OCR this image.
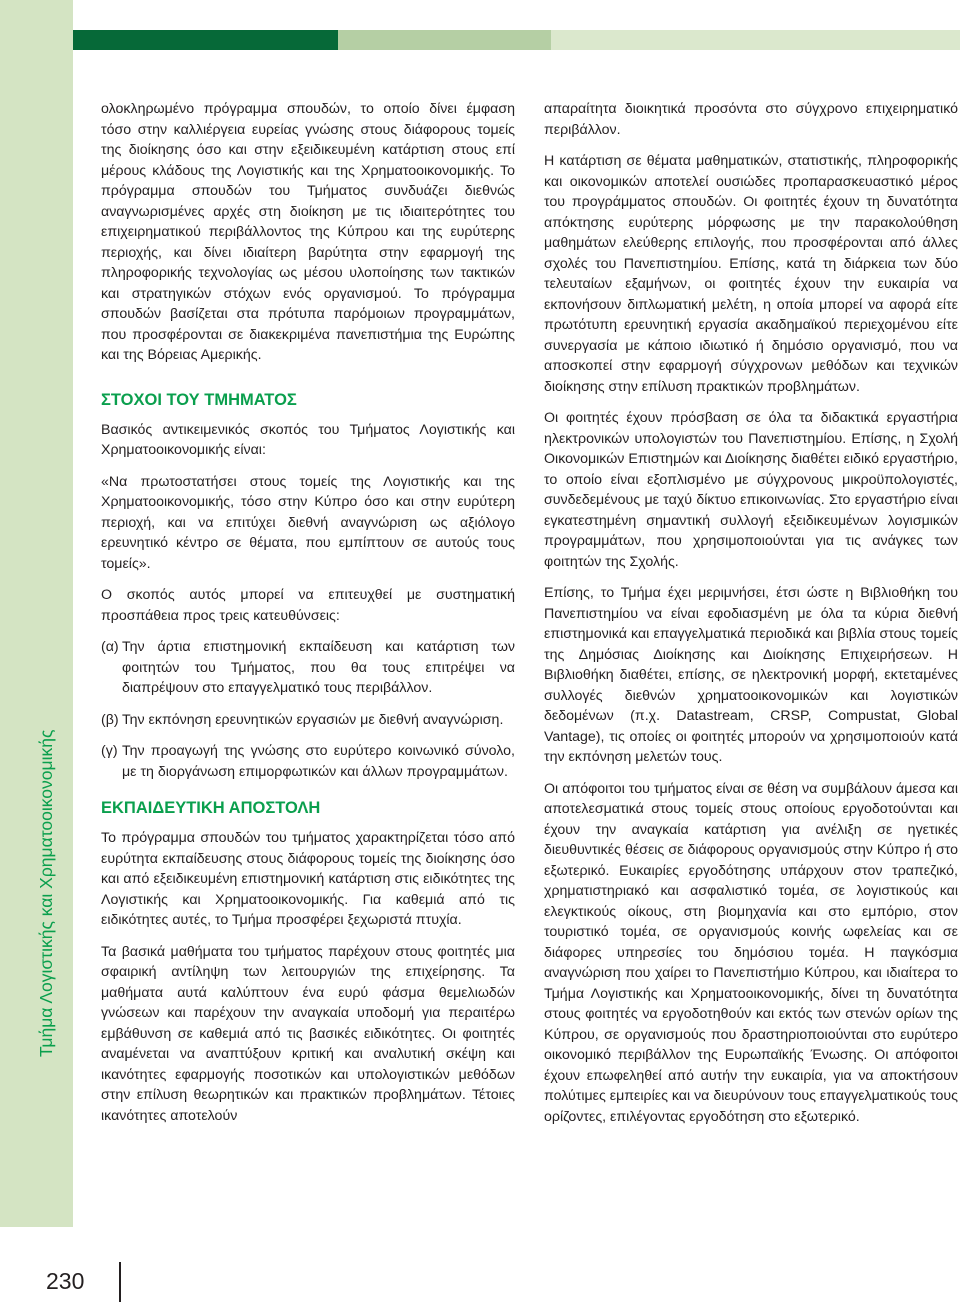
Τμήμα Λογιστικής και Χρηματοοικονομικής
230

ολοκληρωμένο πρόγραμμα σπουδών, το οποίο δίνει έμφαση τόσο στην καλλιέργεια ευρείας γνώσης στους διάφορους τομείς της διοίκησης όσο και στην εξειδικευμένη κατάρτιση στους επί μέρους κλάδους της Λογιστικής και της Χρηματοοικονομικής. Το πρόγραμμα σπουδών του Τμήματος συνδυάζει διεθνώς αναγνωρισμένες αρχές στη διοίκηση με τις ιδιαιτερότητες του επιχειρηματικού περιβάλλοντος της Κύπρου και της ευρύτερης περιοχής, και δίνει ιδιαίτερη βαρύτητα στην εφαρμογή της πληροφορικής τεχνολογίας ως μέσου υλοποίησης των τακτικών και στρατηγικών στόχων ενός οργανισμού. Το πρόγραμμα σπουδών βασίζεται στα πρότυπα παρόμοιων προγραμμάτων, που προσφέρονται σε διακεκριμένα πανεπιστήμια της Ευρώπης και της Βόρειας Αμερικής.

ΣΤΟΧΟΙ ΤΟΥ ΤΜΗΜΑΤΟΣ

Βασικός αντικειμενικός σκοπός του Τμήματος Λογιστικής και Χρηματοοικονομικής είναι:

«Να πρωτοστατήσει στους τομείς της Λογιστικής και της Χρηματοοικονομικής, τόσο στην Κύπρο όσο και στην ευρύτερη περιοχή, και να επιτύχει διεθνή αναγνώριση ως αξιόλογο ερευνητικό κέντρο σε θέματα, που εμπίπτουν σε αυτούς τους τομείς».

Ο σκοπός αυτός μπορεί να επιτευχθεί με συστηματική προσπάθεια προς τρεις κατευθύνσεις:

(α) Την άρτια επιστημονική εκπαίδευση και κατάρτιση των φοιτητών του Τμήματος, που θα τους επιτρέψει να διαπρέψουν στο επαγγελματικό τους περιβάλλον.
(β) Την εκπόνηση ερευνητικών εργασιών με διεθνή αναγνώριση.
(γ) Την προαγωγή της γνώσης στο ευρύτερο κοινωνικό σύνολο, με τη διοργάνωση επιμορφωτικών και άλλων προγραμμάτων.
ΕΚΠΑΙΔΕΥΤΙΚΗ ΑΠΟΣΤΟΛΗ

Το πρόγραμμα σπουδών του τμήματος χαρακτηρίζεται τόσο από ευρύτητα εκπαίδευσης στους διάφορους τομείς της διοίκησης όσο και από εξειδικευμένη επιστημονική κατάρτιση στις ειδικότητες της Λογιστικής και Χρηματοοικονομικής. Για καθεμιά από τις ειδικότητες αυτές, το Τμήμα προσφέρει ξεχωριστά πτυχία.

Τα βασικά μαθήματα του τμήματος παρέχουν στους φοιτητές μια σφαιρική αντίληψη των λειτουργιών της επιχείρησης. Τα μαθήματα αυτά καλύπτουν ένα ευρύ φάσμα θεμελιωδών γνώσεων και παρέχουν την αναγκαία υποδομή για περαιτέρω εμβάθυνση σε καθεμιά από τις βασικές ειδικότητες. Οι φοιτητές αναμένεται να αναπτύξουν κριτική και αναλυτική σκέψη και ικανότητες εφαρμογής ποσοτικών και υπολογιστικών μεθόδων στην επίλυση θεωρητικών και πρακτικών προβλημάτων. Τέτοιες ικανότητες αποτελούν

απαραίτητα διοικητικά προσόντα στο σύγχρονο επιχειρηματικό περιβάλλον.

Η κατάρτιση σε θέματα μαθηματικών, στατιστικής, πληροφορικής και οικονομικών αποτελεί ουσιώδες προπαρασκευαστικό μέρος του προγράμματος σπουδών. Οι φοιτητές έχουν τη δυνατότητα απόκτησης ευρύτερης μόρφωσης με την παρακολούθηση μαθημάτων ελεύθερης επιλογής, που προσφέρονται από άλλες σχολές του Πανεπιστημίου. Επίσης, κατά τη διάρκεια των δύο τελευταίων εξαμήνων, οι φοιτητές έχουν την ευκαιρία να εκπονήσουν διπλωματική μελέτη, η οποία μπορεί να αφορά είτε πρωτότυπη ερευνητική εργασία ακαδημαϊκού περιεχομένου είτε συνεργασία με κάποιο ιδιωτικό ή δημόσιο οργανισμό, που να αποσκοπεί στην εφαρμογή σύγχρονων μεθόδων και τεχνικών διοίκησης στην επίλυση πρακτικών προβλημάτων.

Οι φοιτητές έχουν πρόσβαση σε όλα τα διδακτικά εργαστήρια ηλεκτρονικών υπολογιστών του Πανεπιστημίου. Επίσης, η Σχολή Οικονομικών Επιστημών και Διοίκησης διαθέτει ειδικό εργαστήριο, το οποίο είναι εξοπλισμένο με σύγχρονους μικροϋπολογιστές, συνδεδεμένους με ταχύ δίκτυο επικοινωνίας. Στο εργαστήριο είναι εγκατεστημένη σημαντική συλλογή εξειδικευμένων λογισμικών προγραμμάτων, που χρησιμοποιούνται για τις ανάγκες των φοιτητών της Σχολής.

Επίσης, το Τμήμα έχει μεριμνήσει, έτσι ώστε η Βιβλιοθήκη του Πανεπιστημίου να είναι εφοδιασμένη με όλα τα κύρια διεθνή επιστημονικά και επαγγελματικά περιοδικά και βιβλία στους τομείς της Δημόσιας Διοίκησης και Διοίκησης Επιχειρήσεων. Η Βιβλιοθήκη διαθέτει, επίσης, σε ηλεκτρονική μορφή, εκτεταμένες συλλογές διεθνών χρηματοοικονομικών και λογιστικών δεδομένων (π.χ. Datastream, CRSP, Compustat, Global Vantage), τις οποίες οι φοιτητές μπορούν να χρησιμοποιούν κατά την εκπόνηση μελετών τους.

Οι απόφοιτοι του τμήματος είναι σε θέση να συμβάλουν άμεσα και αποτελεσματικά στους τομείς στους οποίους εργοδοτούνται και έχουν την αναγκαία κατάρτιση για ανέλιξη σε ηγετικές διευθυντικές θέσεις σε διάφορους οργανισμούς στην Κύπρο ή στο εξωτερικό. Ευκαιρίες εργοδότησης υπάρχουν στον τραπεζικό, χρηματιστηριακό και ασφαλιστικό τομέα, σε λογιστικούς και ελεγκτικούς οίκους, στη βιομηχανία και στο εμπόριο, στον τουριστικό τομέα, σε οργανισμούς κοινής ωφελείας και σε διάφορες υπηρεσίες του δημόσιου τομέα. Η παγκόσμια αναγνώριση που χαίρει το Πανεπιστήμιο Κύπρου, και ιδιαίτερα το Τμήμα Λογιστικής και Χρηματοοικονομικής, δίνει τη δυνατότητα στους φοιτητές να εργοδοτηθούν και εκτός των στενών ορίων της Κύπρου, σε οργανισμούς που δραστηριοποιούνται στο ευρύτερο οικονομικό περιβάλλον της Ευρωπαϊκής Ένωσης. Οι απόφοιτοι έχουν επωφεληθεί από αυτήν την ευκαιρία, για να αποκτήσουν πολύτιμες εμπειρίες και να διευρύνουν τους επαγγελματικούς τους ορίζοντες, επιλέγοντας εργοδότηση στο εξωτερικό.
